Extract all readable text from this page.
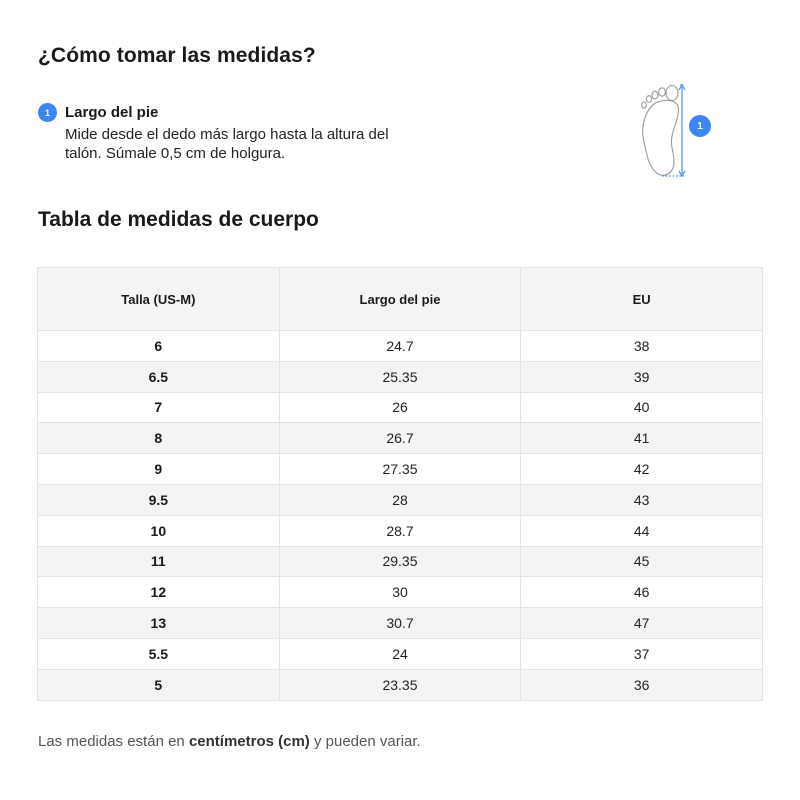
¿Cómo tomar las medidas?
1	Largo del pie
Mide desde el dedo más largo hasta la altura del talón. Súmale 0,5 cm de holgura.
1
Tabla de medidas de cuerpo
Talla (US-M)	Largo del pie	EU
6	24.7	38
6.5	25.35	39
7	26	40
8	26.7	41
9	27.35	42
9.5	28	43
10	28.7	44
11	29.35	45
12	30	46
13	30.7	47
5.5	24	37
5	23.35	36
Las medidas están en centímetros (cm) y pueden variar.
